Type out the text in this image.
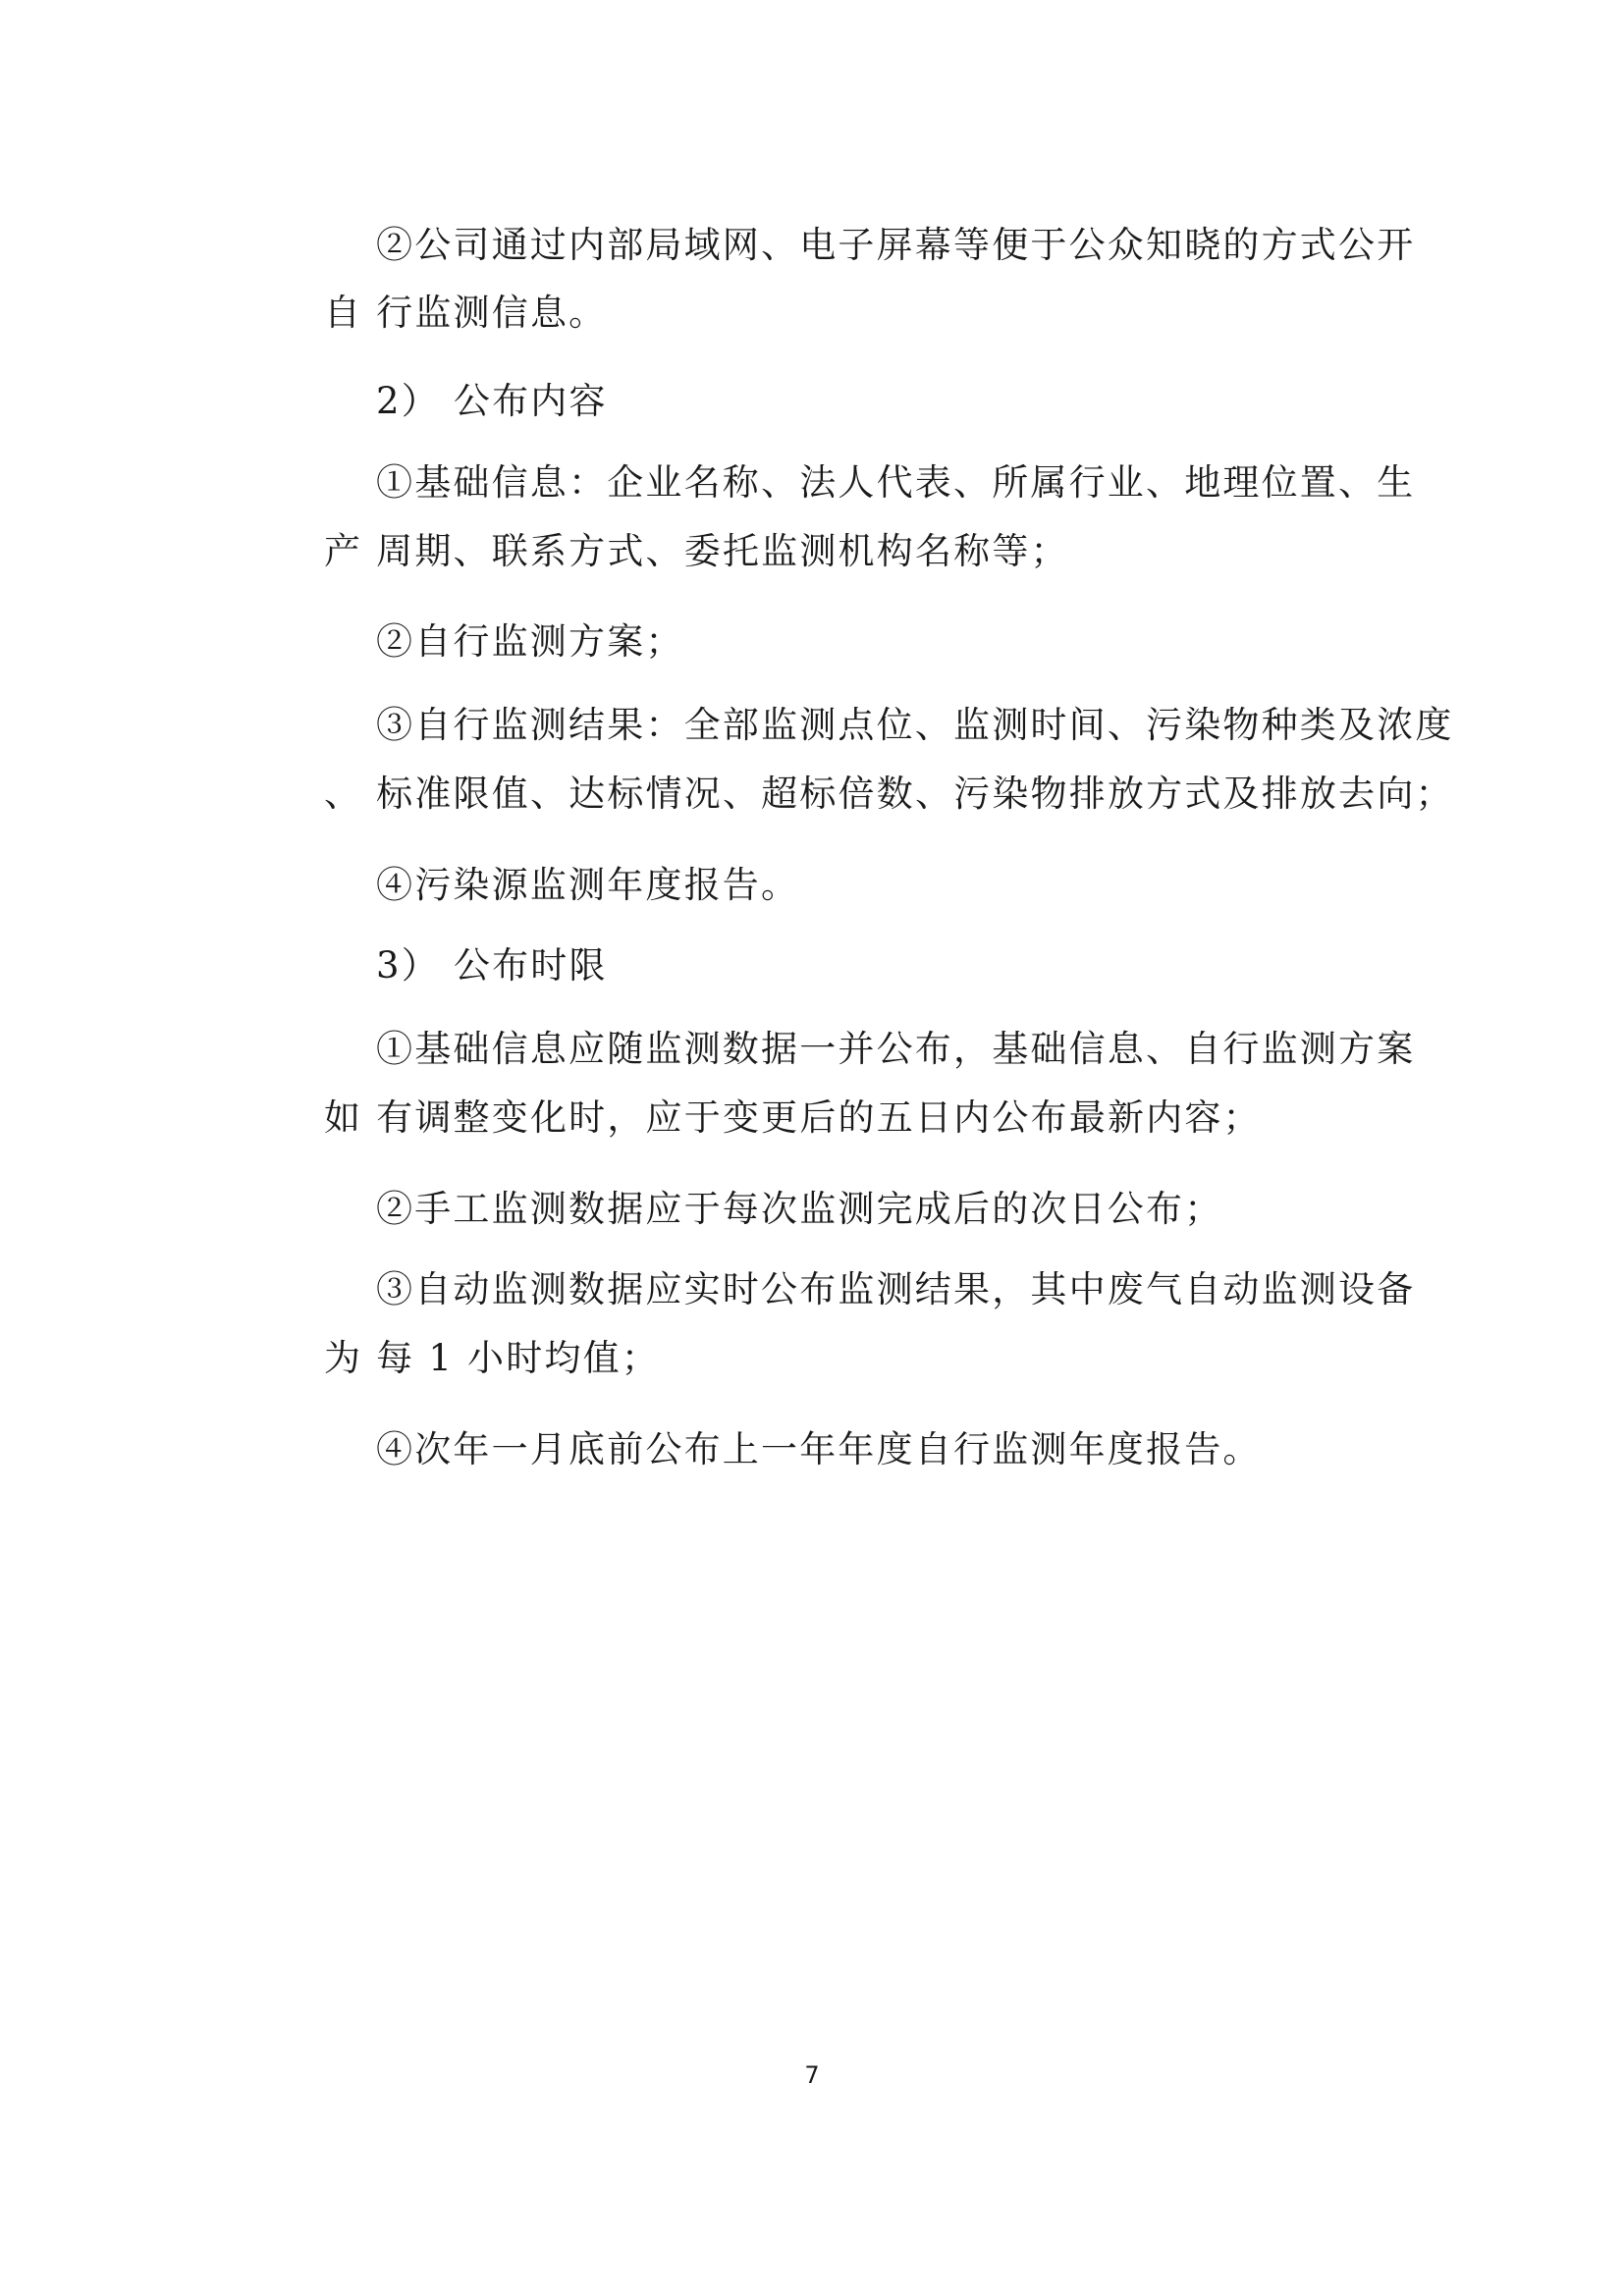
②公司通过内部局域网、电子屏幕等便于公众知晓的方式公开
自 行监测信息。
2） 公布内容
①基础信息：企业名称、法人代表、所属行业、地理位置、生
产 周期、联系方式、委托监测机构名称等；
②自行监测方案；
③自行监测结果：全部监测点位、监测时间、污染物种类及浓度
、 标准限值、达标情况、超标倍数、污染物排放方式及排放去向；
④污染源监测年度报告。
3） 公布时限
①基础信息应随监测数据一并公布，基础信息、自行监测方案
如 有调整变化时，应于变更后的五日内公布最新内容；
②手工监测数据应于每次监测完成后的次日公布；
③自动监测数据应实时公布监测结果，其中废气自动监测设备
为 每 1 小时均值；
④次年一月底前公布上一年年度自行监测年度报告。
7
